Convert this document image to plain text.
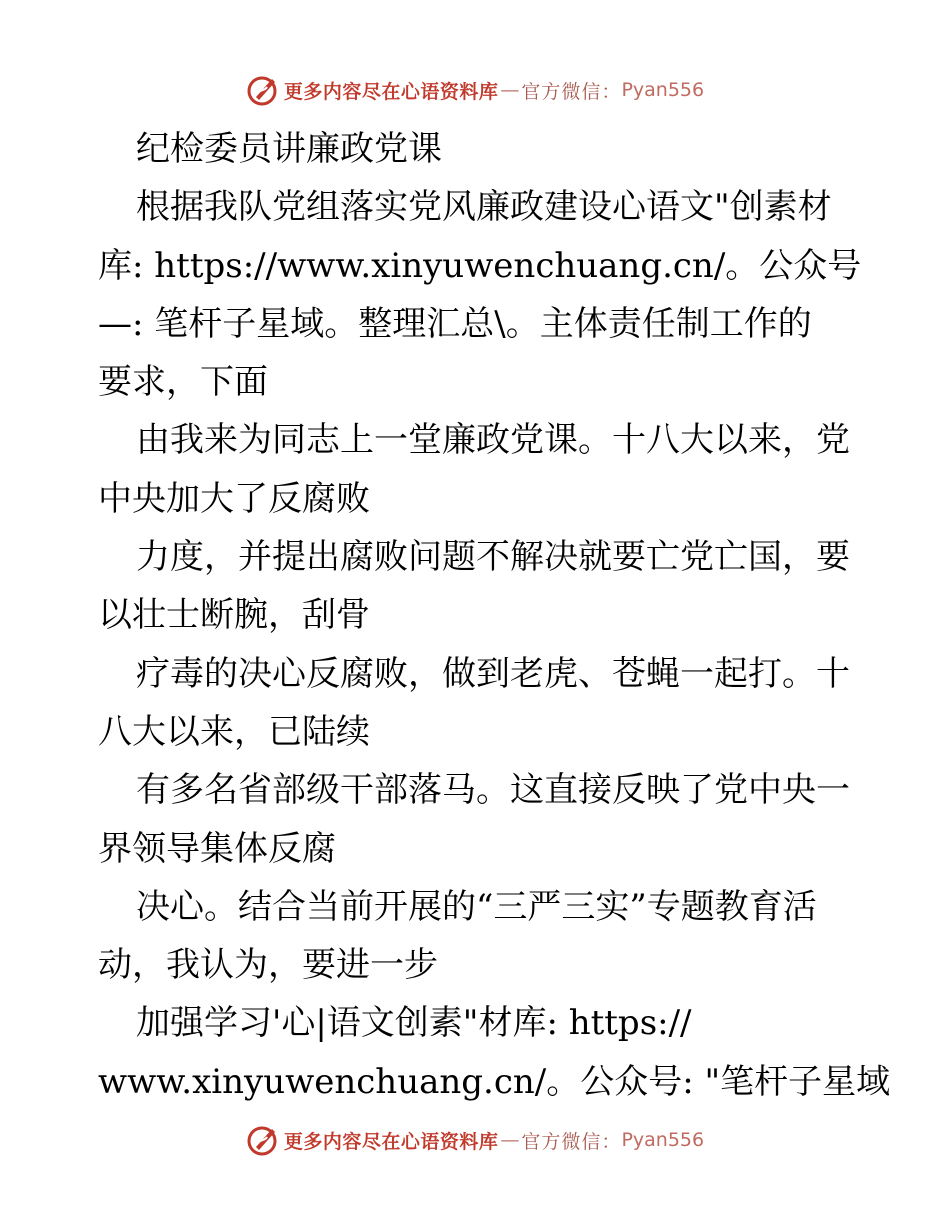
更多内容尽在心语资料库 — 官方微信： Pyan556
纪检委员讲廉政党课
根据我队党组落实党风廉政建设心语文"创素材
库: https://www.xinyuwenchuang.cn/。公众号
—: 笔杆子星域。整理汇总\。主体责任制工作的
要求，下面
由我来为同志上一堂廉政党课。十八大以来，党
中央加大了反腐败
力度，并提出腐败问题不解决就要亡党亡国，要
以壮士断腕，刮骨
疗毒的决心反腐败，做到老虎、苍蝇一起打。十
八大以来，已陆续
有多名省部级干部落马。这直接反映了党中央一
界领导集体反腐
决心。结合当前开展的“三严三实”专题教育活
动，我认为，要进一步
加强学习'心|语文创素"材库: https://
www.xinyuwenchuang.cn/。公众号: "笔杆子星域
更多内容尽在心语资料库 — 官方微信： Pyan556
